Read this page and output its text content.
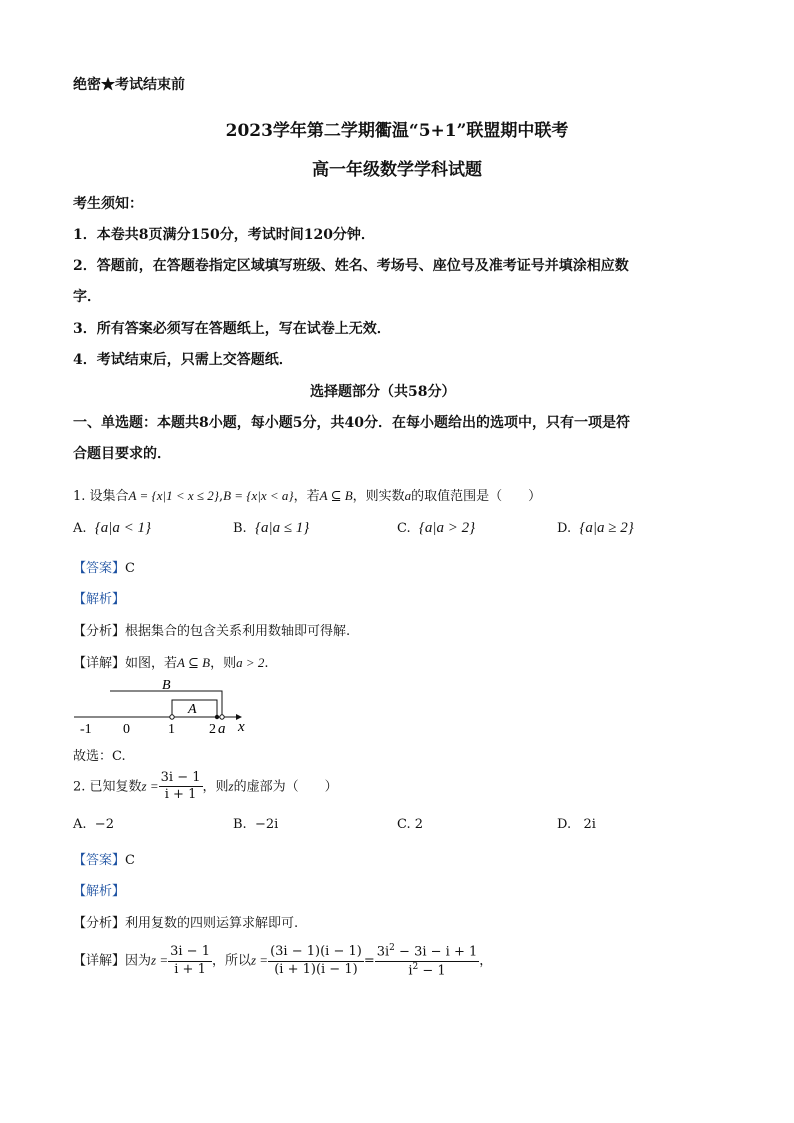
绝密★考试结束前
2023学年第二学期衢温“5+1”联盟期中联考
高一年级数学学科试题
考生须知：
1．本卷共8页满分150分，考试时间120分钟．
2．答题前，在答题卷指定区域填写班级、姓名、考场号、座位号及准考证号并填涂相应数
字．
3．所有答案必须写在答题纸上，写在试卷上无效．
4．考试结束后，只需上交答题纸．
选择题部分（共58分）
一、单选题：本题共8小题，每小题5分，共40分．在每小题给出的选项中，只有一项是符
合题目要求的．
1. 设集合A = {x|1 < x ≤ 2},B = {x|x < a}，若A ⊆ B，则实数a的取值范围是（　　）
A. {a|a < 1}	B. {a|a ≤ 1}	C. {a|a > 2}	D. {a|a ≥ 2}
【答案】C
【解析】
【分析】根据集合的包含关系利用数轴即可得解.
【详解】如图，若A ⊆ B，则a > 2.
B
A
-1 0	1 2 a x
故选：C.
2. 已知复数$z = \frac{3i - 1}{i + 1}$ ，则z的虚部为（　　）
A. −2	B. −2i	C. 2	D. 2i
【答案】C
【解析】
【分析】利用复数的四则运算求解即可.
【详解】因为$z = \frac{3i - 1}{i + 1}$ ，所以$z = \frac{(3i - 1)(i - 1)}{(i + 1)(i - 1)} = \frac{3i^2 - 3i - i + 1}{i^2 - 1}$ ，
